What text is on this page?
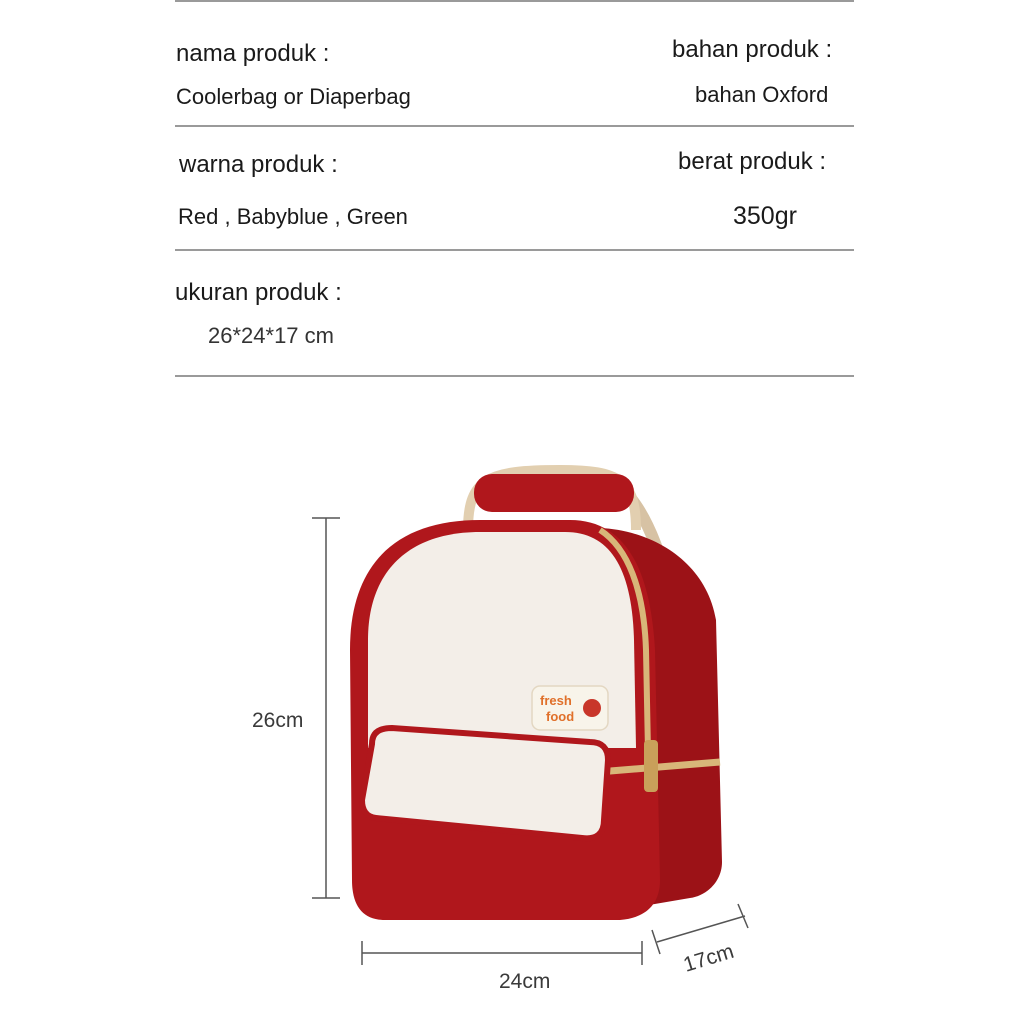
nama produk :
Coolerbag or Diaperbag
bahan produk :
bahan Oxford
warna produk :
Red , Babyblue , Green
berat produk :
350gr
ukuran produk :
26*24*17 cm
fresh
food
26cm
24cm
17cm
